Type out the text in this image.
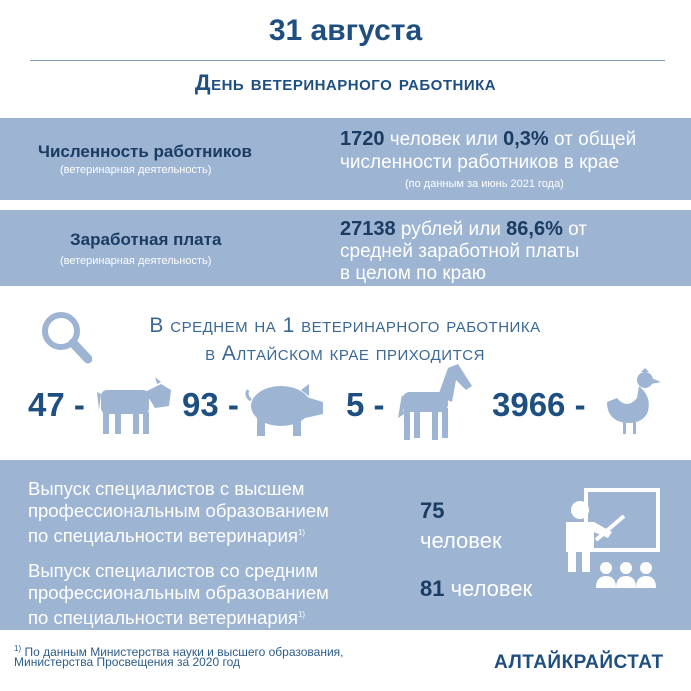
31 августа
День ветеринарного работника
Численность работников
(ветеринарная деятельность)
1720 человек или 0,3% от общей
численности работников в крае
(по данным за июнь 2021 года)
Заработная плата
(ветеринарная деятельность)
27138 рублей или 86,6% от
средней заработной платы
в целом по краю
В среднем на 1 ветеринарного работника
в Алтайском крае приходится
47 -	93 -	5 -	3966 -
Выпуск специалистов с высшем
профессиональным образованием
по специальности ветеринария$^{1)}$
Выпуск специалистов со средним
профессиональным образованием
по специальности ветеринария$^{1)}$
75
человек
81 человек
$^{1)}$ По данным Министерства науки и высшего образования,
Министерства Просвещения за 2020 год	АЛТАЙКРАЙСТАТ
